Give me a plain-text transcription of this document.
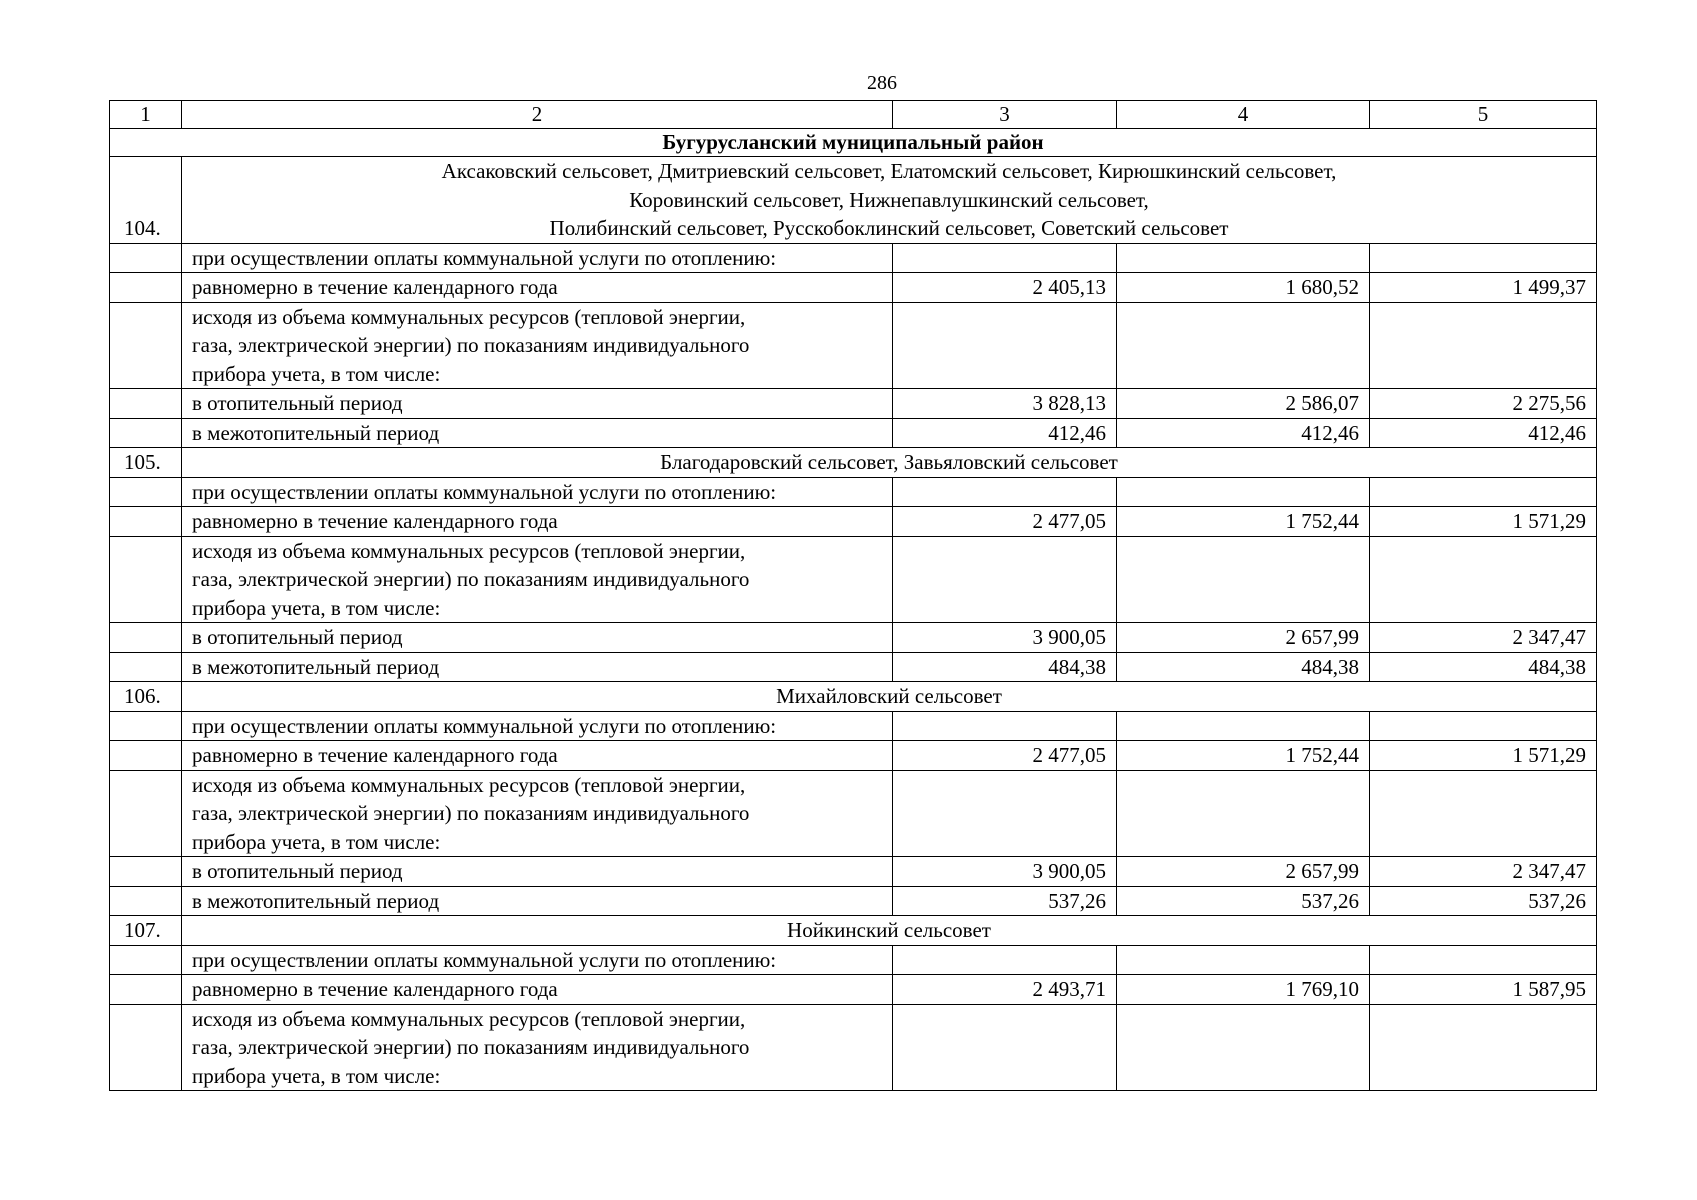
286
1	2	3	4	5
Бугурусланский муниципальный район				
104.	Аксаковский сельсовет, Дмитриевский сельсовет, Елатомский сельсовет, Кирюшкинский сельсовет,
Коровинский сельсовет, Нижнепавлушкинский сельсовет,
Полибинский сельсовет, Русскобоклинский сельсовет, Советский сельсовет			
	при осуществлении оплаты коммунальной услуги по отоплению:			
	равномерно в течение календарного года	2 405,13	1 680,52	1 499,37
	исходя из объема коммунальных ресурсов (тепловой энергии,
газа, электрической энергии) по показаниям индивидуального
прибора учета, в том числе:			
	в отопительный период	3 828,13	2 586,07	2 275,56
	в межотопительный период	412,46	412,46	412,46
105.	Благодаровский сельсовет, Завьяловский сельсовет			
	при осуществлении оплаты коммунальной услуги по отоплению:			
	равномерно в течение календарного года	2 477,05	1 752,44	1 571,29
	исходя из объема коммунальных ресурсов (тепловой энергии,
газа, электрической энергии) по показаниям индивидуального
прибора учета, в том числе:			
	в отопительный период	3 900,05	2 657,99	2 347,47
	в межотопительный период	484,38	484,38	484,38
106.	Михайловский сельсовет			
	при осуществлении оплаты коммунальной услуги по отоплению:			
	равномерно в течение календарного года	2 477,05	1 752,44	1 571,29
	исходя из объема коммунальных ресурсов (тепловой энергии,
газа, электрической энергии) по показаниям индивидуального
прибора учета, в том числе:			
	в отопительный период	3 900,05	2 657,99	2 347,47
	в межотопительный период	537,26	537,26	537,26
107.	Нойкинский сельсовет			
	при осуществлении оплаты коммунальной услуги по отоплению:			
	равномерно в течение календарного года	2 493,71	1 769,10	1 587,95
	исходя из объема коммунальных ресурсов (тепловой энергии,
газа, электрической энергии) по показаниям индивидуального
прибора учета, в том числе:			
